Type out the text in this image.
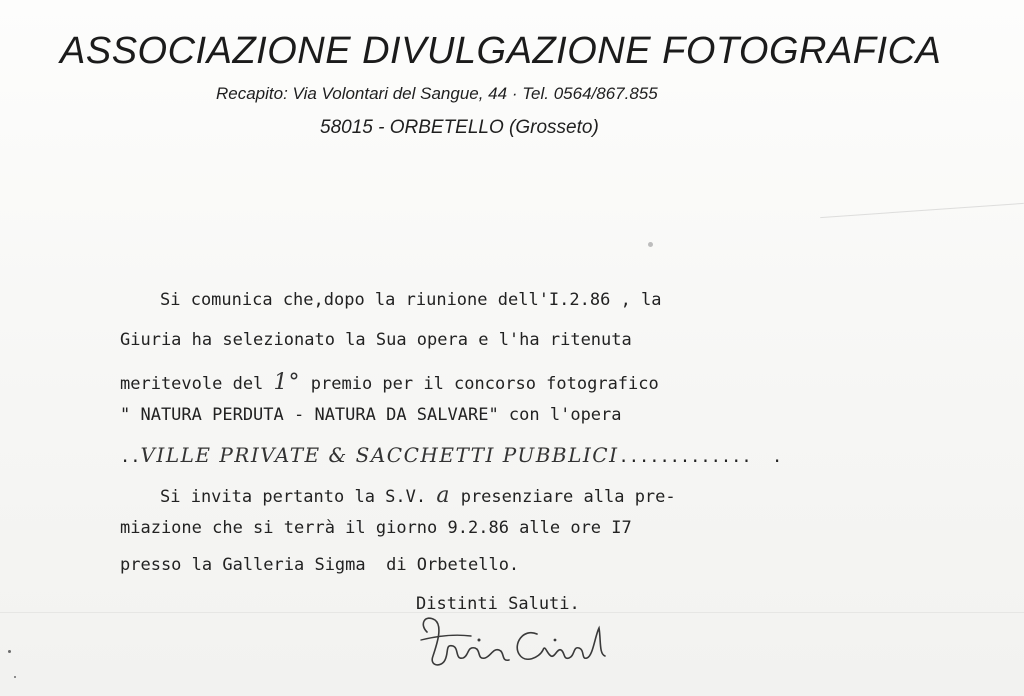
ASSOCIAZIONE DIVULGAZIONE FOTOGRAFICA
Recapito: Via Volontari del Sangue, 44 · Tel. 0564/867.855
58015 - ORBETELLO (Grosseto)

Si comunica che,dopo la riunione dell'I.2.86 , la

Giuria ha selezionato la Sua opera e l'ha ritenuta

meritevole del 1° premio per il concorso fotografico

" NATURA PERDUTA - NATURA DA SALVARE" con l'opera

..VILLE PRIVATE & SACCHETTI PUBBLICI.............  .

Si invita pertanto la S.V. a presenziare alla pre-

miazione che si terrà il giorno 9.2.86 alle ore I7

presso la Galleria Sigma  di Orbetello.

Distinti Saluti.
